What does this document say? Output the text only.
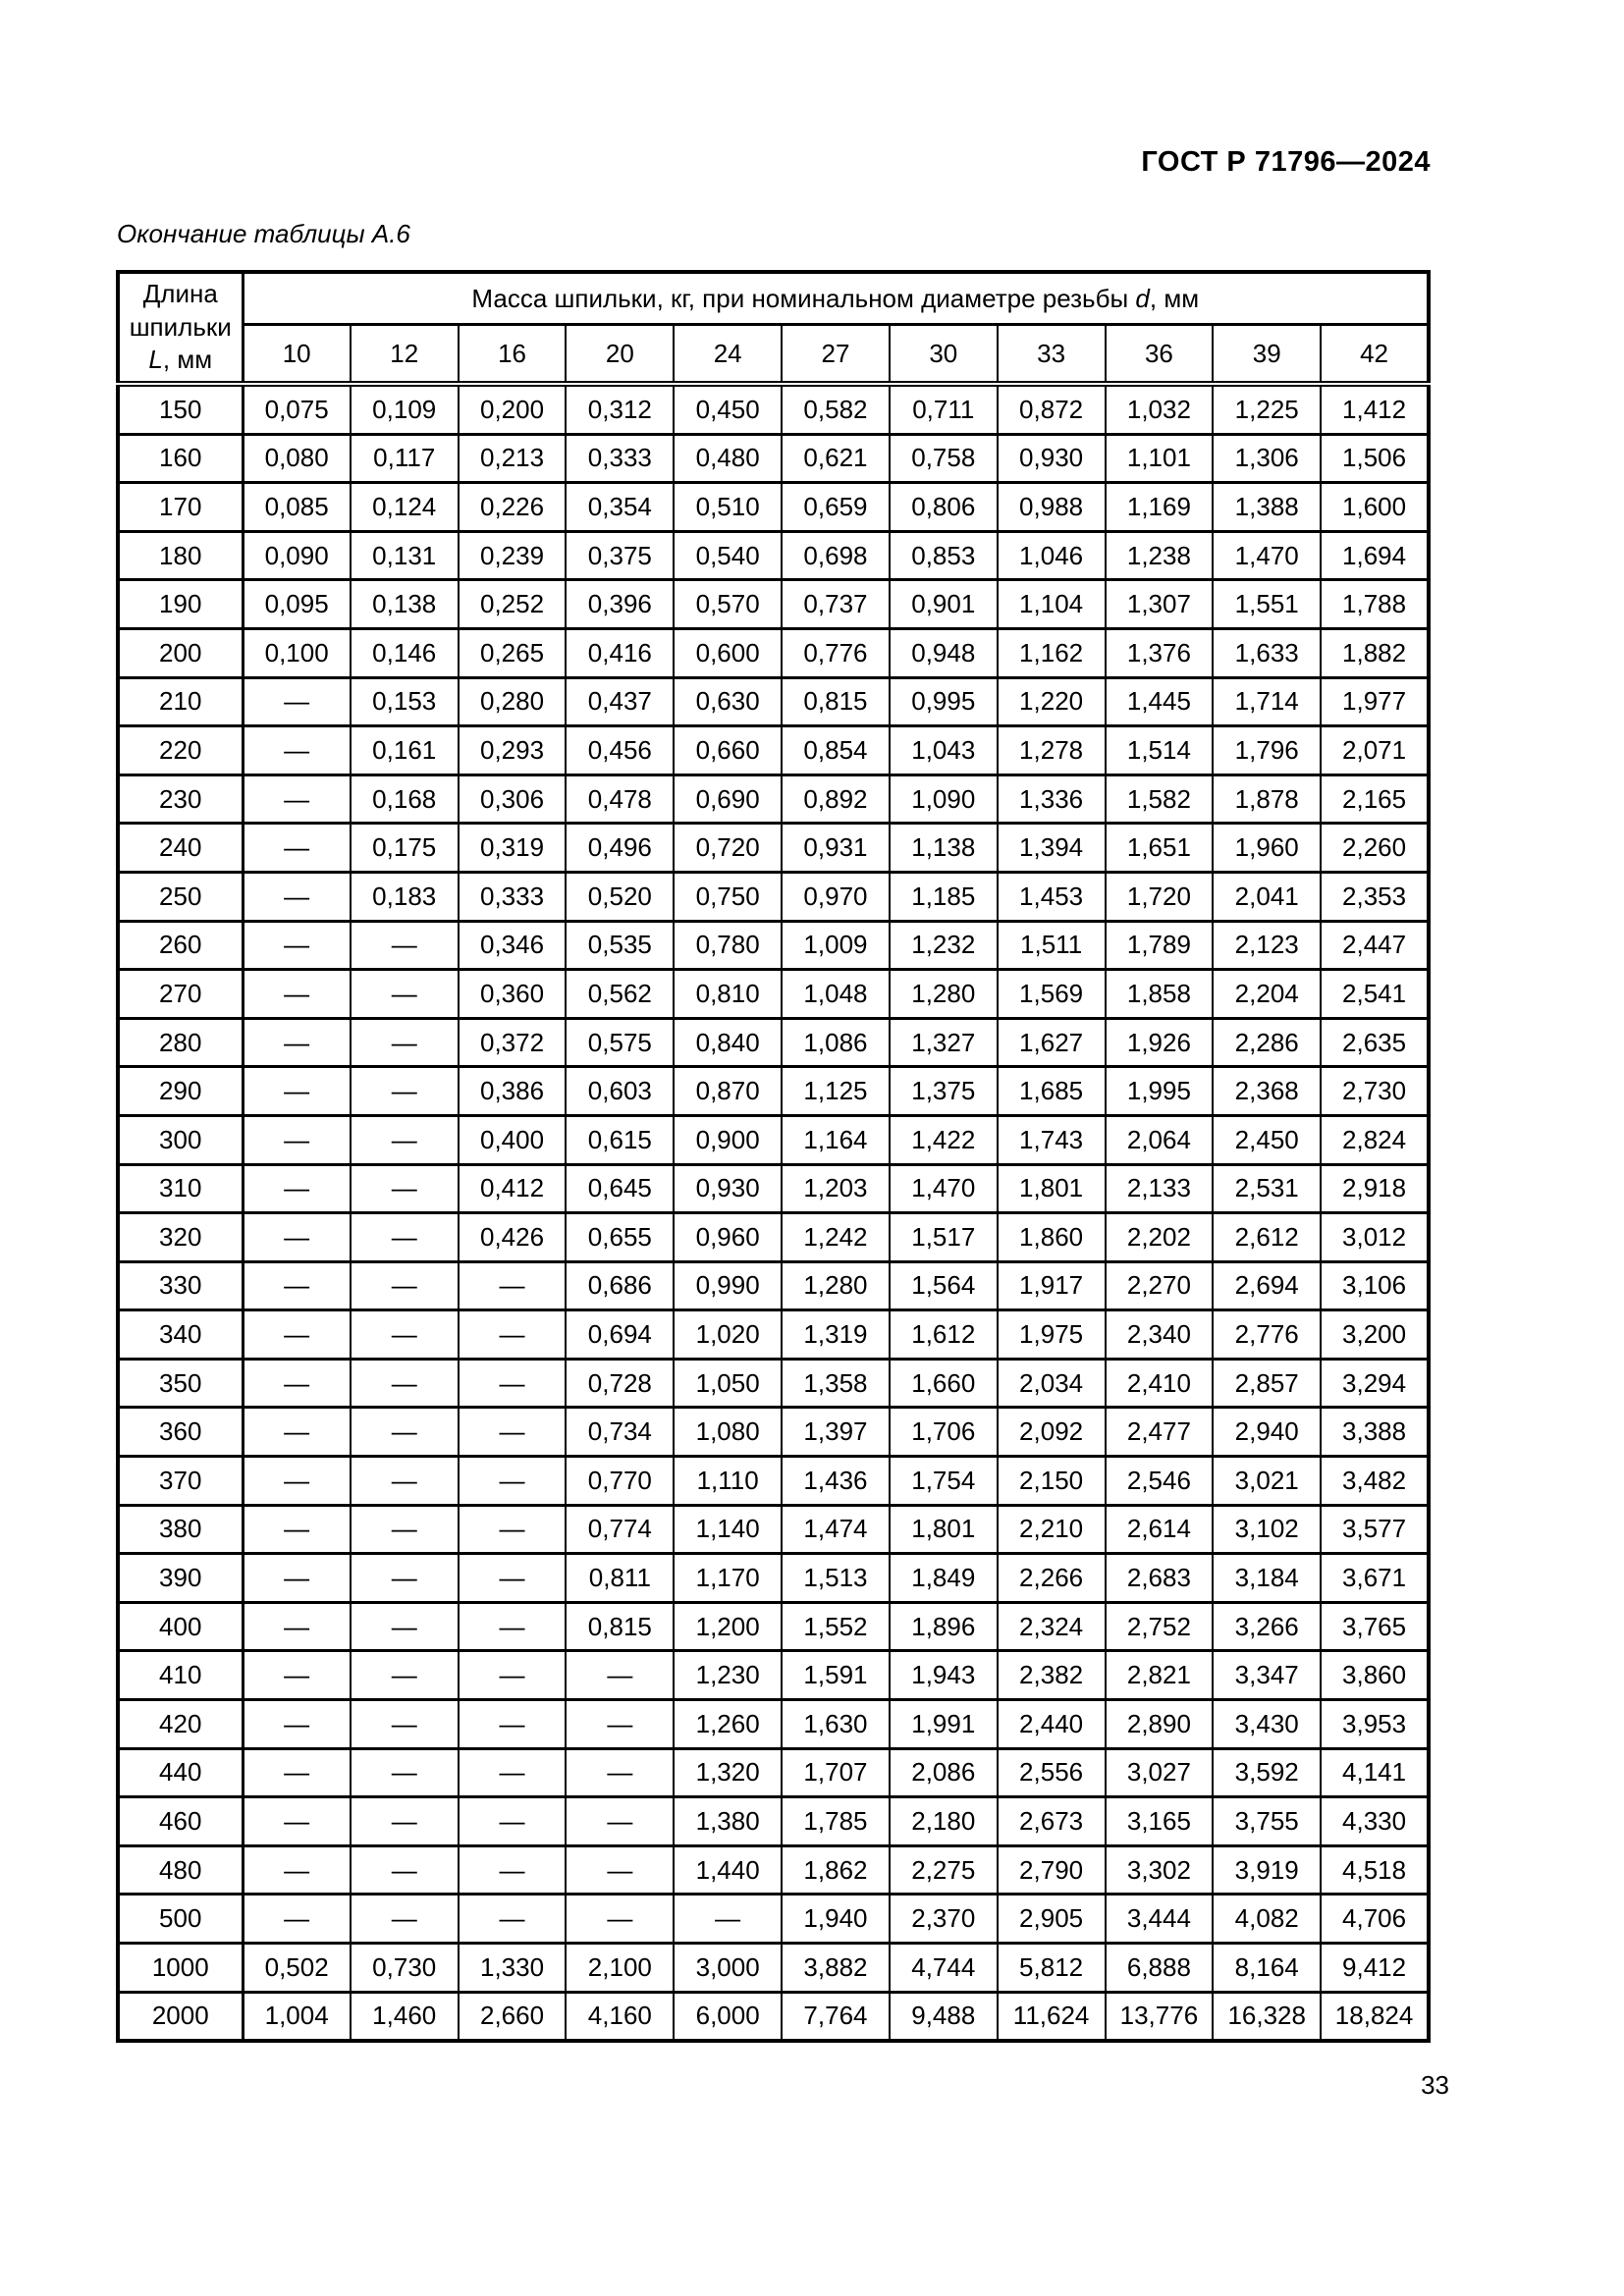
ГОСТ Р 71796—2024
Окончание таблицы А.6
Длина
шпильки
L, мм	Масса шпильки, кг, при номинальном диаметре резьбы d, мм										
	10	12	16	20	24	27	30	33	36	39	42
150	0,075	0,109	0,200	0,312	0,450	0,582	0,711	0,872	1,032	1,225	1,412
160	0,080	0,117	0,213	0,333	0,480	0,621	0,758	0,930	1,101	1,306	1,506
170	0,085	0,124	0,226	0,354	0,510	0,659	0,806	0,988	1,169	1,388	1,600
180	0,090	0,131	0,239	0,375	0,540	0,698	0,853	1,046	1,238	1,470	1,694
190	0,095	0,138	0,252	0,396	0,570	0,737	0,901	1,104	1,307	1,551	1,788
200	0,100	0,146	0,265	0,416	0,600	0,776	0,948	1,162	1,376	1,633	1,882
210	—	0,153	0,280	0,437	0,630	0,815	0,995	1,220	1,445	1,714	1,977
220	—	0,161	0,293	0,456	0,660	0,854	1,043	1,278	1,514	1,796	2,071
230	—	0,168	0,306	0,478	0,690	0,892	1,090	1,336	1,582	1,878	2,165
240	—	0,175	0,319	0,496	0,720	0,931	1,138	1,394	1,651	1,960	2,260
250	—	0,183	0,333	0,520	0,750	0,970	1,185	1,453	1,720	2,041	2,353
260	—	—	0,346	0,535	0,780	1,009	1,232	1,511	1,789	2,123	2,447
270	—	—	0,360	0,562	0,810	1,048	1,280	1,569	1,858	2,204	2,541
280	—	—	0,372	0,575	0,840	1,086	1,327	1,627	1,926	2,286	2,635
290	—	—	0,386	0,603	0,870	1,125	1,375	1,685	1,995	2,368	2,730
300	—	—	0,400	0,615	0,900	1,164	1,422	1,743	2,064	2,450	2,824
310	—	—	0,412	0,645	0,930	1,203	1,470	1,801	2,133	2,531	2,918
320	—	—	0,426	0,655	0,960	1,242	1,517	1,860	2,202	2,612	3,012
330	—	—	—	0,686	0,990	1,280	1,564	1,917	2,270	2,694	3,106
340	—	—	—	0,694	1,020	1,319	1,612	1,975	2,340	2,776	3,200
350	—	—	—	0,728	1,050	1,358	1,660	2,034	2,410	2,857	3,294
360	—	—	—	0,734	1,080	1,397	1,706	2,092	2,477	2,940	3,388
370	—	—	—	0,770	1,110	1,436	1,754	2,150	2,546	3,021	3,482
380	—	—	—	0,774	1,140	1,474	1,801	2,210	2,614	3,102	3,577
390	—	—	—	0,811	1,170	1,513	1,849	2,266	2,683	3,184	3,671
400	—	—	—	0,815	1,200	1,552	1,896	2,324	2,752	3,266	3,765
410	—	—	—	—	1,230	1,591	1,943	2,382	2,821	3,347	3,860
420	—	—	—	—	1,260	1,630	1,991	2,440	2,890	3,430	3,953
440	—	—	—	—	1,320	1,707	2,086	2,556	3,027	3,592	4,141
460	—	—	—	—	1,380	1,785	2,180	2,673	3,165	3,755	4,330
480	—	—	—	—	1,440	1,862	2,275	2,790	3,302	3,919	4,518
500	—	—	—	—	—	1,940	2,370	2,905	3,444	4,082	4,706
1000	0,502	0,730	1,330	2,100	3,000	3,882	4,744	5,812	6,888	8,164	9,412
2000	1,004	1,460	2,660	4,160	6,000	7,764	9,488	11,624	13,776	16,328	18,824
33
